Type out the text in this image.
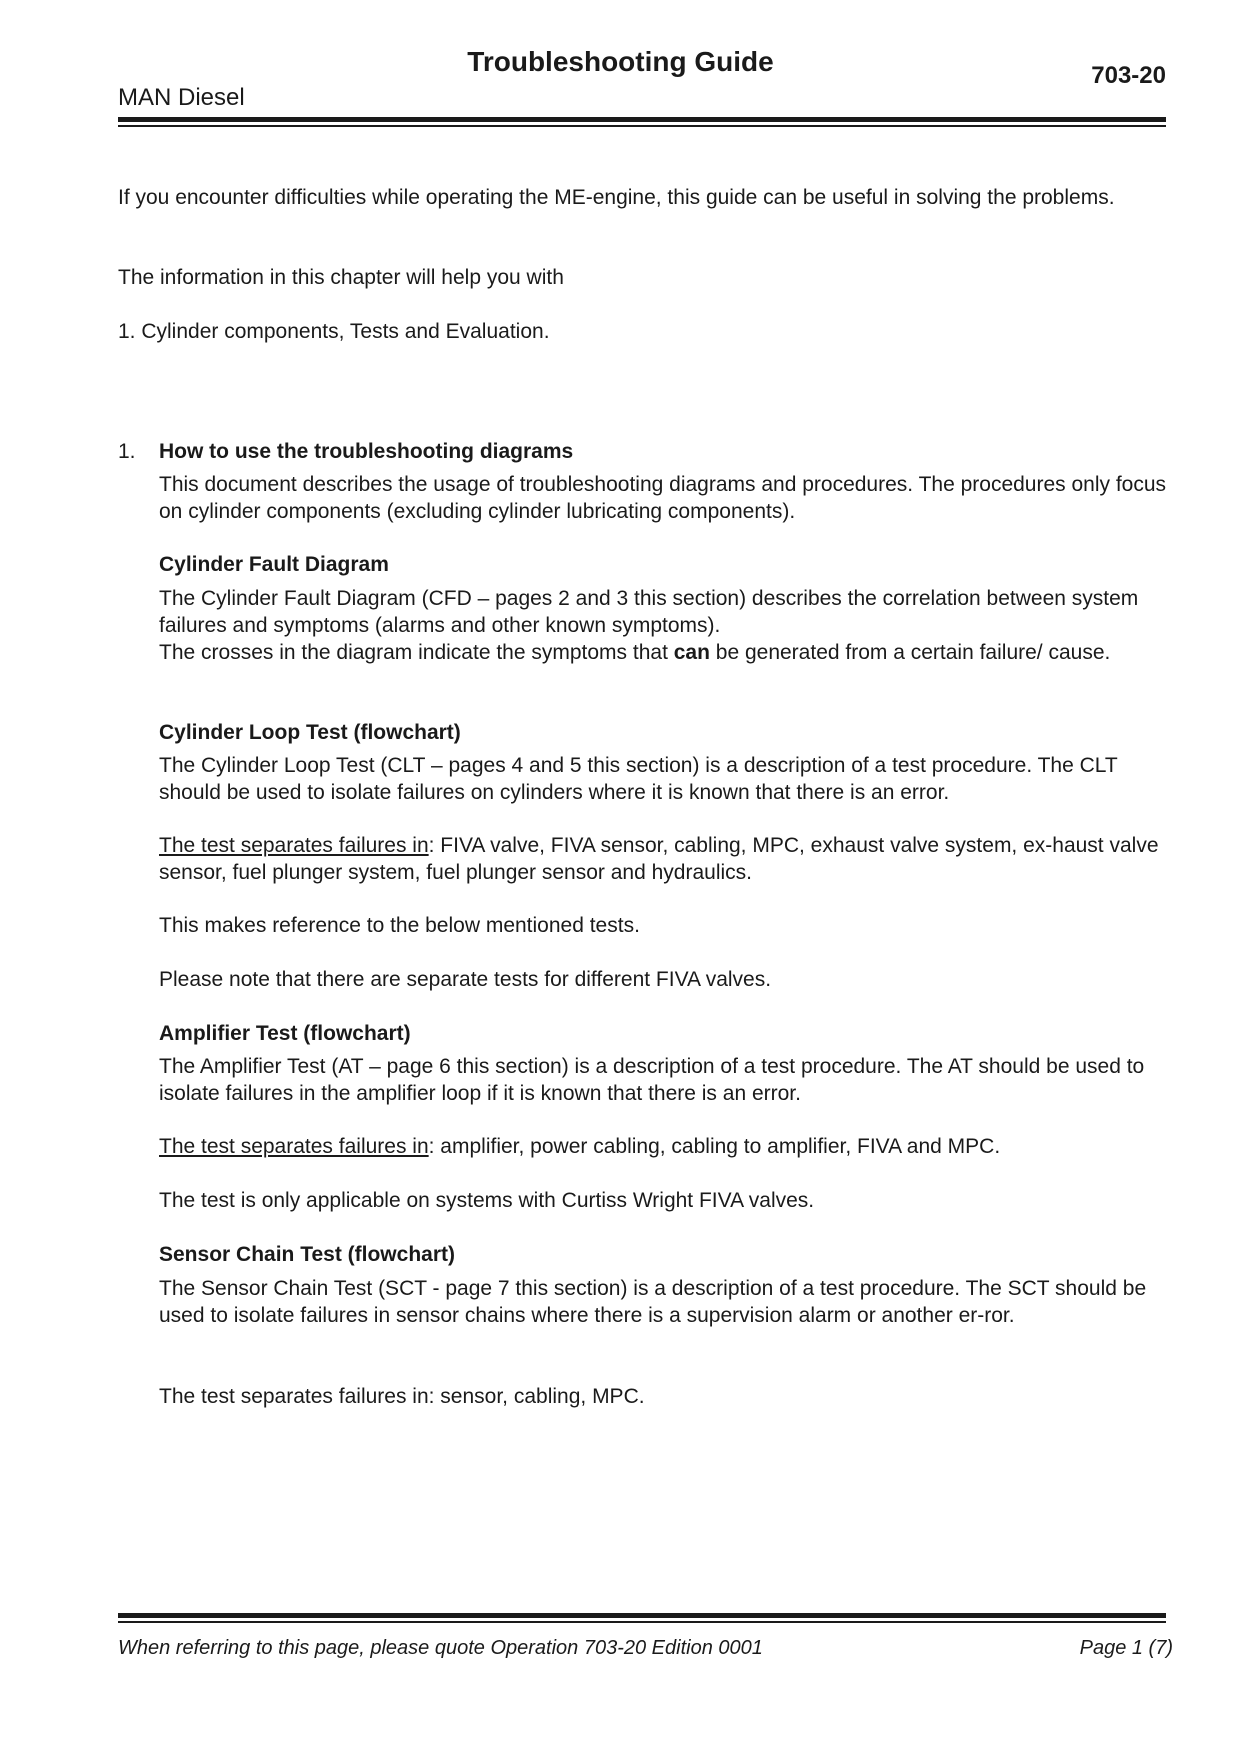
Troubleshooting Guide
MAN Diesel
703-20

If you encounter difficulties while operating the ME-engine, this guide can be useful in solving the problems.

The information in this chapter will help you with

1. Cylinder components, Tests and Evaluation.

1. How to use the troubleshooting diagrams

This document describes the usage of troubleshooting diagrams and procedures. The procedures only focus on cylinder components (excluding cylinder lubricating components).

Cylinder Fault Diagram

The Cylinder Fault Diagram (CFD – pages 2 and 3 this section) describes the correlation between system failures and symptoms (alarms and other known symptoms).

The crosses in the diagram indicate the symptoms that can be generated from a certain failure/ cause.

Cylinder Loop Test (flowchart)

The Cylinder Loop Test (CLT – pages 4 and 5 this section) is a description of a test procedure. The CLT should be used to isolate failures on cylinders where it is known that there is an error.

The test separates failures in: FIVA valve, FIVA sensor, cabling, MPC, exhaust valve system, ex-haust valve sensor, fuel plunger system, fuel plunger sensor and hydraulics.

This makes reference to the below mentioned tests.

Please note that there are separate tests for different FIVA valves.

Amplifier Test (flowchart)

The Amplifier Test (AT – page 6 this section) is a description of a test procedure. The AT should be used to isolate failures in the amplifier loop if it is known that there is an error.

The test separates failures in: amplifier, power cabling, cabling to amplifier, FIVA and MPC.

The test is only applicable on systems with Curtiss Wright FIVA valves.

Sensor Chain Test (flowchart)

The Sensor Chain Test (SCT - page 7 this section) is a description of a test procedure. The SCT should be used to isolate failures in sensor chains where there is a supervision alarm or another er-ror.

The test separates failures in: sensor, cabling, MPC.

When referring to this page, please quote Operation 703-20 Edition 0001	Page 1 (7)
